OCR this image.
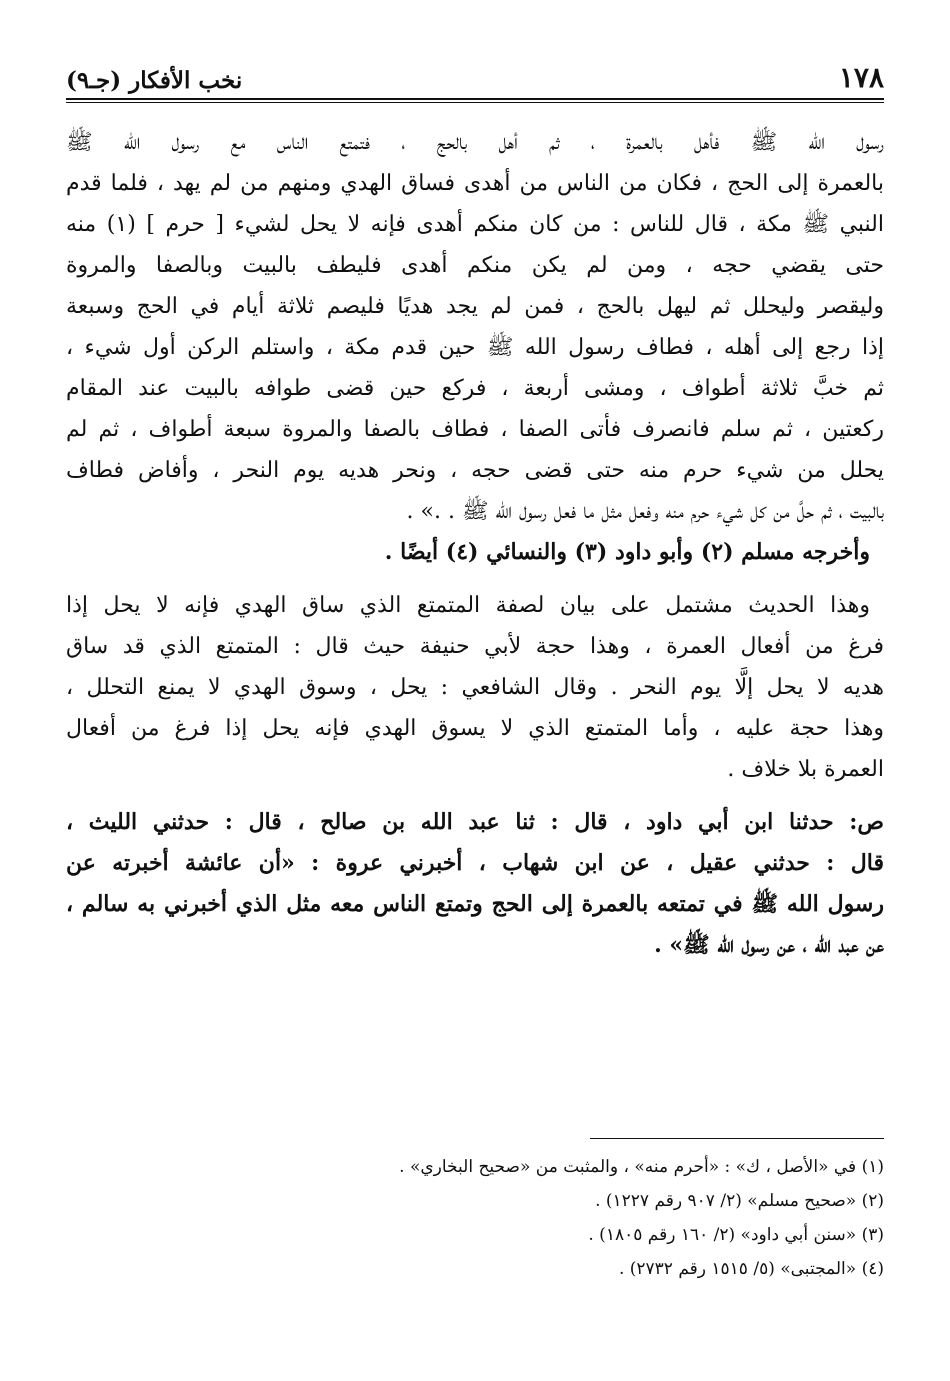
١٧٨
نخب الأفكار (جـ٩)
رسول الله ﷺ فأهل بالعمرة ، ثم أهل بالحج ، فتمتع الناس مع رسول الله ﷺ
بالعمرة إلى الحج ، فكان من الناس من أهدى فساق الهدي ومنهم من لم يهد ، فلما قدم
النبي ﷺ مكة ، قال للناس : من كان منكم أهدى فإنه لا يحل لشيء [ حرم ] (١) منه
حتى يقضي حجه ، ومن لم يكن منكم أهدى فليطف بالبيت وبالصفا والمروة
وليقصر وليحلل ثم ليهل بالحج ، فمن لم يجد هديًا فليصم ثلاثة أيام في الحج وسبعة
إذا رجع إلى أهله ، فطاف رسول الله ﷺ حين قدم مكة ، واستلم الركن أول شيء ،
ثم خبَّ ثلاثة أطواف ، ومشى أربعة ، فركع حين قضى طوافه بالبيت عند المقام
ركعتين ، ثم سلم فانصرف فأتى الصفا ، فطاف بالصفا والمروة سبعة أطواف ، ثم لم
يحلل من شيء حرم منه حتى قضى حجه ، ونحر هديه يوم النحر ، وأفاض فطاف
بالبيت ، ثم حلَّ من كل شيء حرم منه وفعل مثل ما فعل رسول الله ﷺ . .» .
وأخرجه مسلم (٢) وأبو داود (٣) والنسائي (٤) أيضًا .
وهذا الحديث مشتمل على بيان لصفة المتمتع الذي ساق الهدي فإنه لا يحل إذا
فرغ من أفعال العمرة ، وهذا حجة لأبي حنيفة حيث قال : المتمتع الذي قد ساق
هديه لا يحل إلَّا يوم النحر . وقال الشافعي : يحل ، وسوق الهدي لا يمنع التحلل ،
وهذا حجة عليه ، وأما المتمتع الذي لا يسوق الهدي فإنه يحل إذا فرغ من أفعال
العمرة بلا خلاف .
ص: حدثنا ابن أبي داود ، قال : ثنا عبد الله بن صالح ، قال : حدثني الليث ،
قال : حدثني عقيل ، عن ابن شهاب ، أخبرني عروة : «أن عائشة أخبرته عن
رسول الله ﷺ في تمتعه بالعمرة إلى الحج وتمتع الناس معه مثل الذي أخبرني به سالم ،
عن عبد الله ، عن رسول الله ﷺ» .
(١) في «الأصل ، ك» : «أحرم منه» ، والمثبت من «صحيح البخاري» .
(٢) «صحيح مسلم» (٢/ ٩٠٧ رقم ١٢٢٧) .
(٣) «سنن أبي داود» (٢/ ١٦٠ رقم ١٨٠٥) .
(٤) «المجتبى» (٥/ ١٥١٥ رقم ٢٧٣٢) .
